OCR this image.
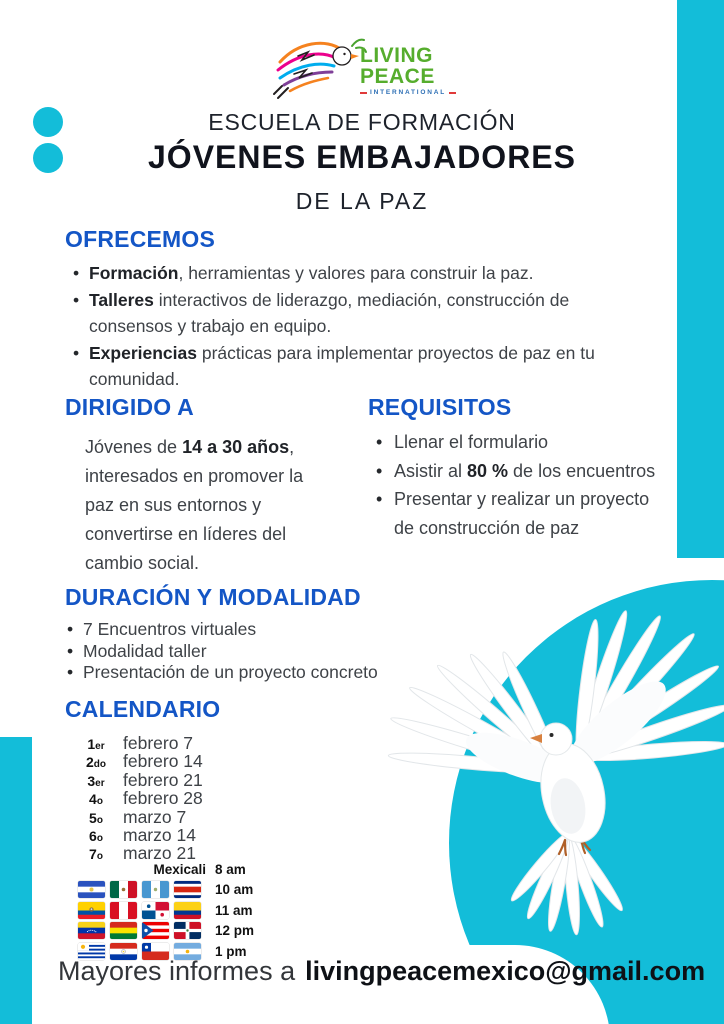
LIVING
PEACE
INTERNATIONAL
ESCUELA DE FORMACIÓN
JÓVENES EMBAJADORES
DE LA PAZ
OFRECEMOS
• Formación, herramientas y valores para construir la paz.
• Talleres interactivos de liderazgo, mediación, construcción de consensos y trabajo en equipo.
• Experiencias prácticas para implementar proyectos de paz en tu comunidad.
DIRIGIDO A

Jóvenes de 14 a 30 años, interesados en promover la paz en sus entornos y convertirse en líderes del cambio social.

REQUISITOS
• Llenar el formulario
• Asistir al 80 % de los encuentros
• Presentar y realizar un proyecto de construcción de paz
DURACIÓN Y MODALIDAD
• 7 Encuentros virtuales
• Modalidad taller
• Presentación de un proyecto concreto
CALENDARIO
1er	febrero 7
2do febrero 14
3er	febrero 21
4o	febrero 28
5o	marzo 7
6o	marzo 14
7o	marzo 21
Mexicali 8 am
10 am
11 am
12 pm
1 pm
Mayores informes a livingpeacemexico@gmail.com
